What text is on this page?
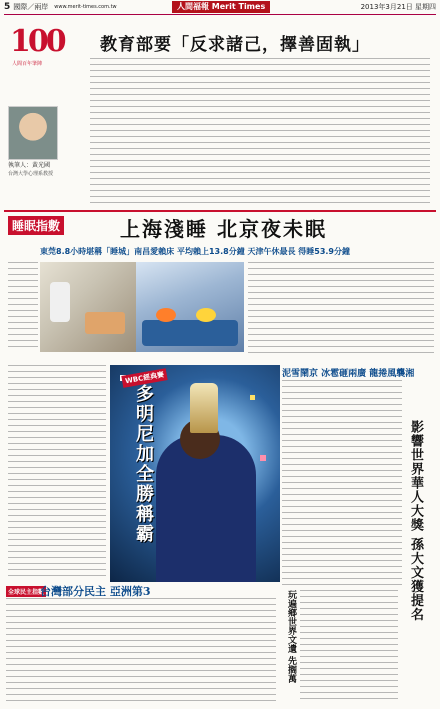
5 國際／兩岸 www.merit-times.com.tw	人間福報 Merit Times	2013年3月21日 星期四
100
人間百年筆陣
教育部要「反求諸己，擇善固執」
執筆人：黃光國
台灣大學心理系教授
睡眠指數	上海淺睡 北京夜未眠
東莞8.8小時堪稱「睡城」南昌愛賴床 平均賴上13.8分鐘 天津午休最長 得睡53.9分鐘
WBC經典賽
多明尼加全勝稱霸
泥雪鬧京 冰雹砸兩廣 龍捲風襲湘
影響世界華人大獎 孫大文獲提名
玩遍鄉世界文遺 先搁萬
全球民主指數
台灣部分民主 亞洲第3
